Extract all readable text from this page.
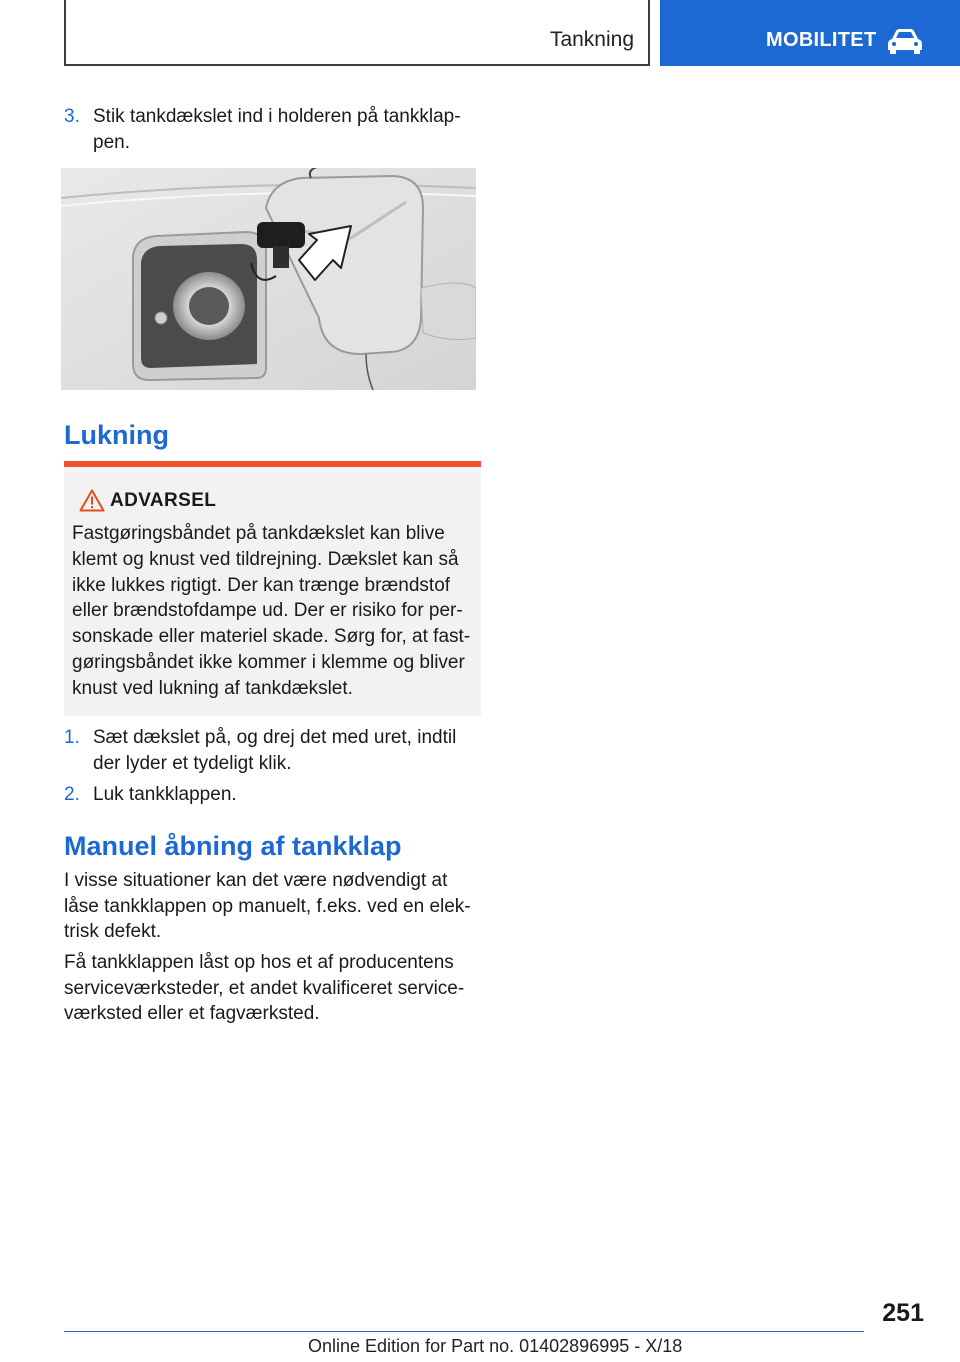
Tankning	MOBILITET
3. Stik tankdækslet ind i holderen på tankklappen.
Lukning
ADVARSEL
Fastgøringsbåndet på tankdækslet kan blive klemt og knust ved tildrejning. Dækslet kan så ikke lukkes rigtigt. Der kan trænge brændstof eller brændstofdampe ud. Der er risiko for personskade eller materiel skade. Sørg for, at fastgøringsbåndet ikke kommer i klemme og bliver knust ved lukning af tankdækslet.
1. Sæt dækslet på, og drej det med uret, indtil der lyder et tydeligt klik.
2. Luk tankklappen.
Manuel åbning af tankklap
I visse situationer kan det være nødvendigt at låse tankklappen op manuelt, f.eks. ved en elektrisk defekt.
Få tankklappen låst op hos et af producentens serviceværksteder, et andet kvalificeret serviceværksted eller et fagværksted.
251
Online Edition for Part no. 01402896995 - X/18
